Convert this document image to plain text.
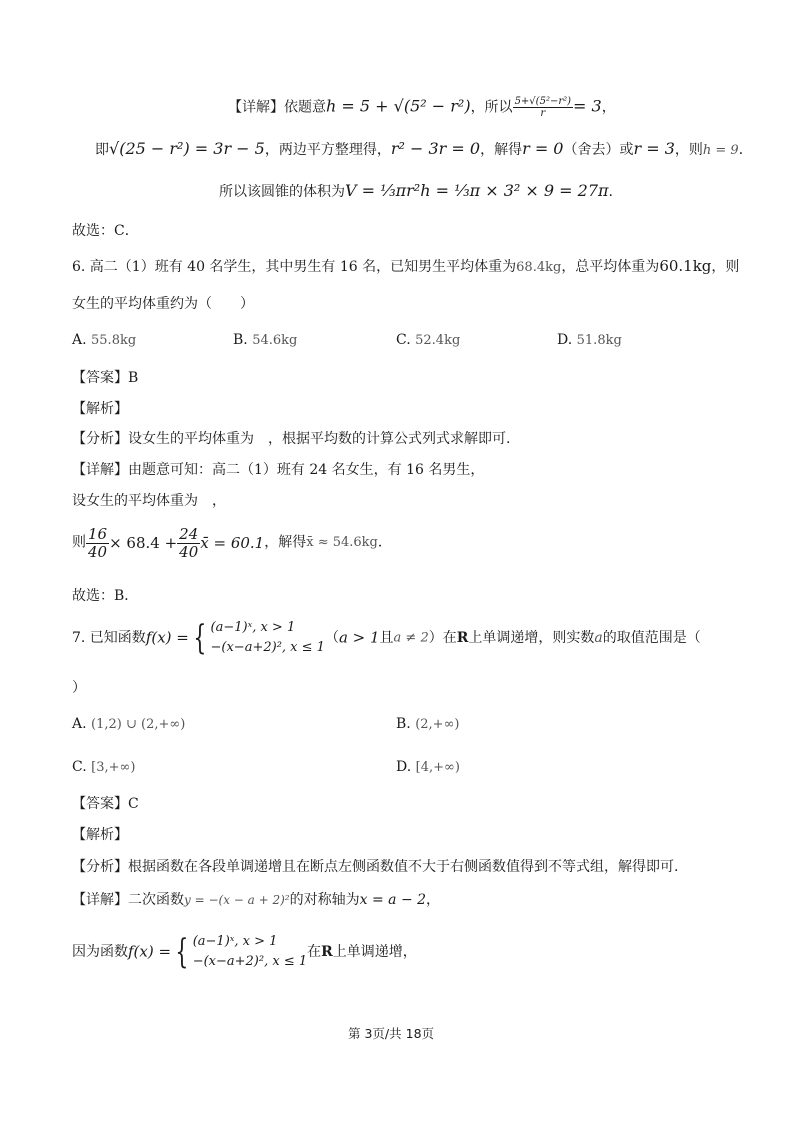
【详解】依题意h = 5 + √(5² − r²)，所以 $\frac{\text{5+√(5²−r²)}}{r} = 3$，
即√(25 − r²) = 3r − 5，两边平方整理得，r² − 3r = 0，解得r = 0（舍去）或r = 3，则h = 9．
所以该圆锥的体积为V = ⅓πr²h = ⅓π × 3² × 9 = 27π.
故选：C．
6. 高二（1）班有 40 名学生，其中男生有 16 名，已知男生平均体重为68.4kg，总平均体重为60.1kg，则
女生的平均体重约为（　　）
A. 55.8kg	B. 54.6kg	C. 52.4kg	D. 51.8kg
【答案】B
【解析】
【分析】设女生的平均体重为　，根据平均数的计算公式列式求解即可.
【详解】由题意可知：高二（1）班有 24 名女生，有 16 名男生，
设女生的平均体重为　，
则 $\frac{16}{40} \times 68.4 + \frac{24}{40}$ x̄ = 60.1，解得x̄ ≈ 54.6kg．
故选：B．
7. 已知函数f(x) = { (a−1)ˣ, x > 1
−(x−a+2)², x ≤ 1
（a > 1且a ≠ 2）在R上单调递增，则实数a的取值范围是（
）
A. (1,2) ∪ (2,+∞)	B. (2,+∞)
C. [3,+∞)	D. [4,+∞)
【答案】C
【解析】
【分析】根据函数在各段单调递增且在断点左侧函数值不大于右侧函数值得到不等式组，解得即可.
【详解】二次函数y = −(x − a + 2)²的对称轴为x = a − 2，
因为函数f(x) = { (a−1)ˣ, x > 1
−(x−a+2)², x ≤ 1
在R上单调递增，
第 3页/共 18页
